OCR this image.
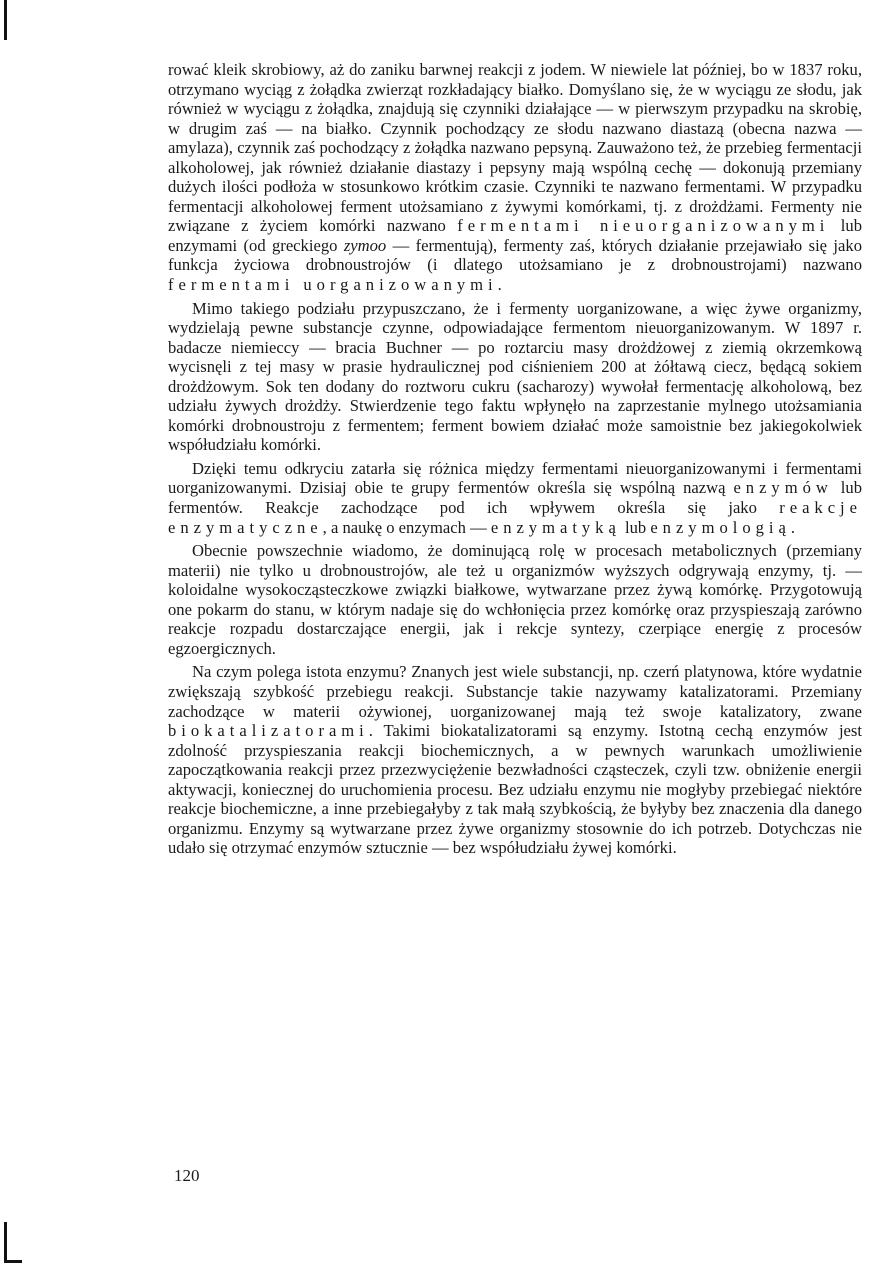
rować kleik skrobiowy, aż do zaniku barwnej reakcji z jodem. W niewiele lat później, bo w 1837 roku, otrzymano wyciąg z żołądka zwierząt rozkładający białko. Domyślano się, że w wyciągu ze słodu, jak również w wyciągu z żołądka, znajdują się czynniki działające — w pierwszym przypadku na skrobię, w drugim zaś — na białko. Czynnik pochodzący ze słodu nazwano diastazą (obecna nazwa — amylaza), czynnik zaś pochodzący z żołądka nazwano pepsyną. Zauważono też, że przebieg fermentacji alkoholowej, jak również działanie diastazy i pepsyny mają wspólną cechę — dokonują przemiany dużych ilości podłoża w stosunkowo krótkim czasie. Czynniki te nazwano fermentami. W przypadku fermentacji alkoholowej ferment utożsamiano z żywymi komórkami, tj. z drożdżami. Fermenty nie związane z życiem komórki nazwano fermentami nieuorganizowanymi lub enzymami (od greckiego zymoo — fermentują), fermenty zaś, których działanie przejawiało się jako funkcja życiowa drobnoustrojów (i dlatego utożsamiano je z drobnoustrojami) nazwano fermentami uorganizowanymi.

Mimo takiego podziału przypuszczano, że i fermenty uorganizowane, a więc żywe organizmy, wydzielają pewne substancje czynne, odpowiadające fermentom nieuorganizowanym. W 1897 r. badacze niemieccy — bracia Buchner — po roztarciu masy drożdżowej z ziemią okrzemkową wycisnęli z tej masy w prasie hydraulicznej pod ciśnieniem 200 at żółtawą ciecz, będącą sokiem drożdżowym. Sok ten dodany do roztworu cukru (sacharozy) wywołał fermentację alkoholową, bez udziału żywych drożdży. Stwierdzenie tego faktu wpłynęło na zaprzestanie mylnego utożsamiania komórki drobnoustroju z fermentem; ferment bowiem działać może samoistnie bez jakiegokolwiek współudziału komórki.

Dzięki temu odkryciu zatarła się różnica między fermentami nieuorganizowanymi i fermentami uorganizowanymi. Dzisiaj obie te grupy fermentów określa się wspólną nazwą enzymów lub fermentów. Reakcje zachodzące pod ich wpływem określa się jako reakcje enzymatyczne, a naukę o enzymach — enzymatyką lub enzymologią.

Obecnie powszechnie wiadomo, że dominującą rolę w procesach metabolicznych (przemiany materii) nie tylko u drobnoustrojów, ale też u organizmów wyższych odgrywają enzymy, tj. — koloidalne wysokocząsteczkowe związki białkowe, wytwarzane przez żywą komórkę. Przygotowują one pokarm do stanu, w którym nadaje się do wchłonięcia przez komórkę oraz przyspieszają zarówno reakcje rozpadu dostarczające energii, jak i rekcje syntezy, czerpiące energię z procesów egzoergicznych.

Na czym polega istota enzymu? Znanych jest wiele substancji, np. czerń platynowa, które wydatnie zwiększają szybkość przebiegu reakcji. Substancje takie nazywamy katalizatorami. Przemiany zachodzące w materii ożywionej, uorganizowanej mają też swoje katalizatory, zwane biokatalizatorami. Takimi biokatalizatorami są enzymy. Istotną cechą enzymów jest zdolność przyspieszania reakcji biochemicznych, a w pewnych warunkach umożliwienie zapoczątkowania reakcji przez przezwyciężenie bezwładności cząsteczek, czyli tzw. obniżenie energii aktywacji, koniecznej do uruchomienia procesu. Bez udziału enzymu nie mogłyby przebiegać niektóre reakcje biochemiczne, a inne przebiegałyby z tak małą szybkością, że byłyby bez znaczenia dla danego organizmu. Enzymy są wytwarzane przez żywe organizmy stosownie do ich potrzeb. Dotychczas nie udało się otrzymać enzymów sztucznie — bez współudziału żywej komórki.

120
